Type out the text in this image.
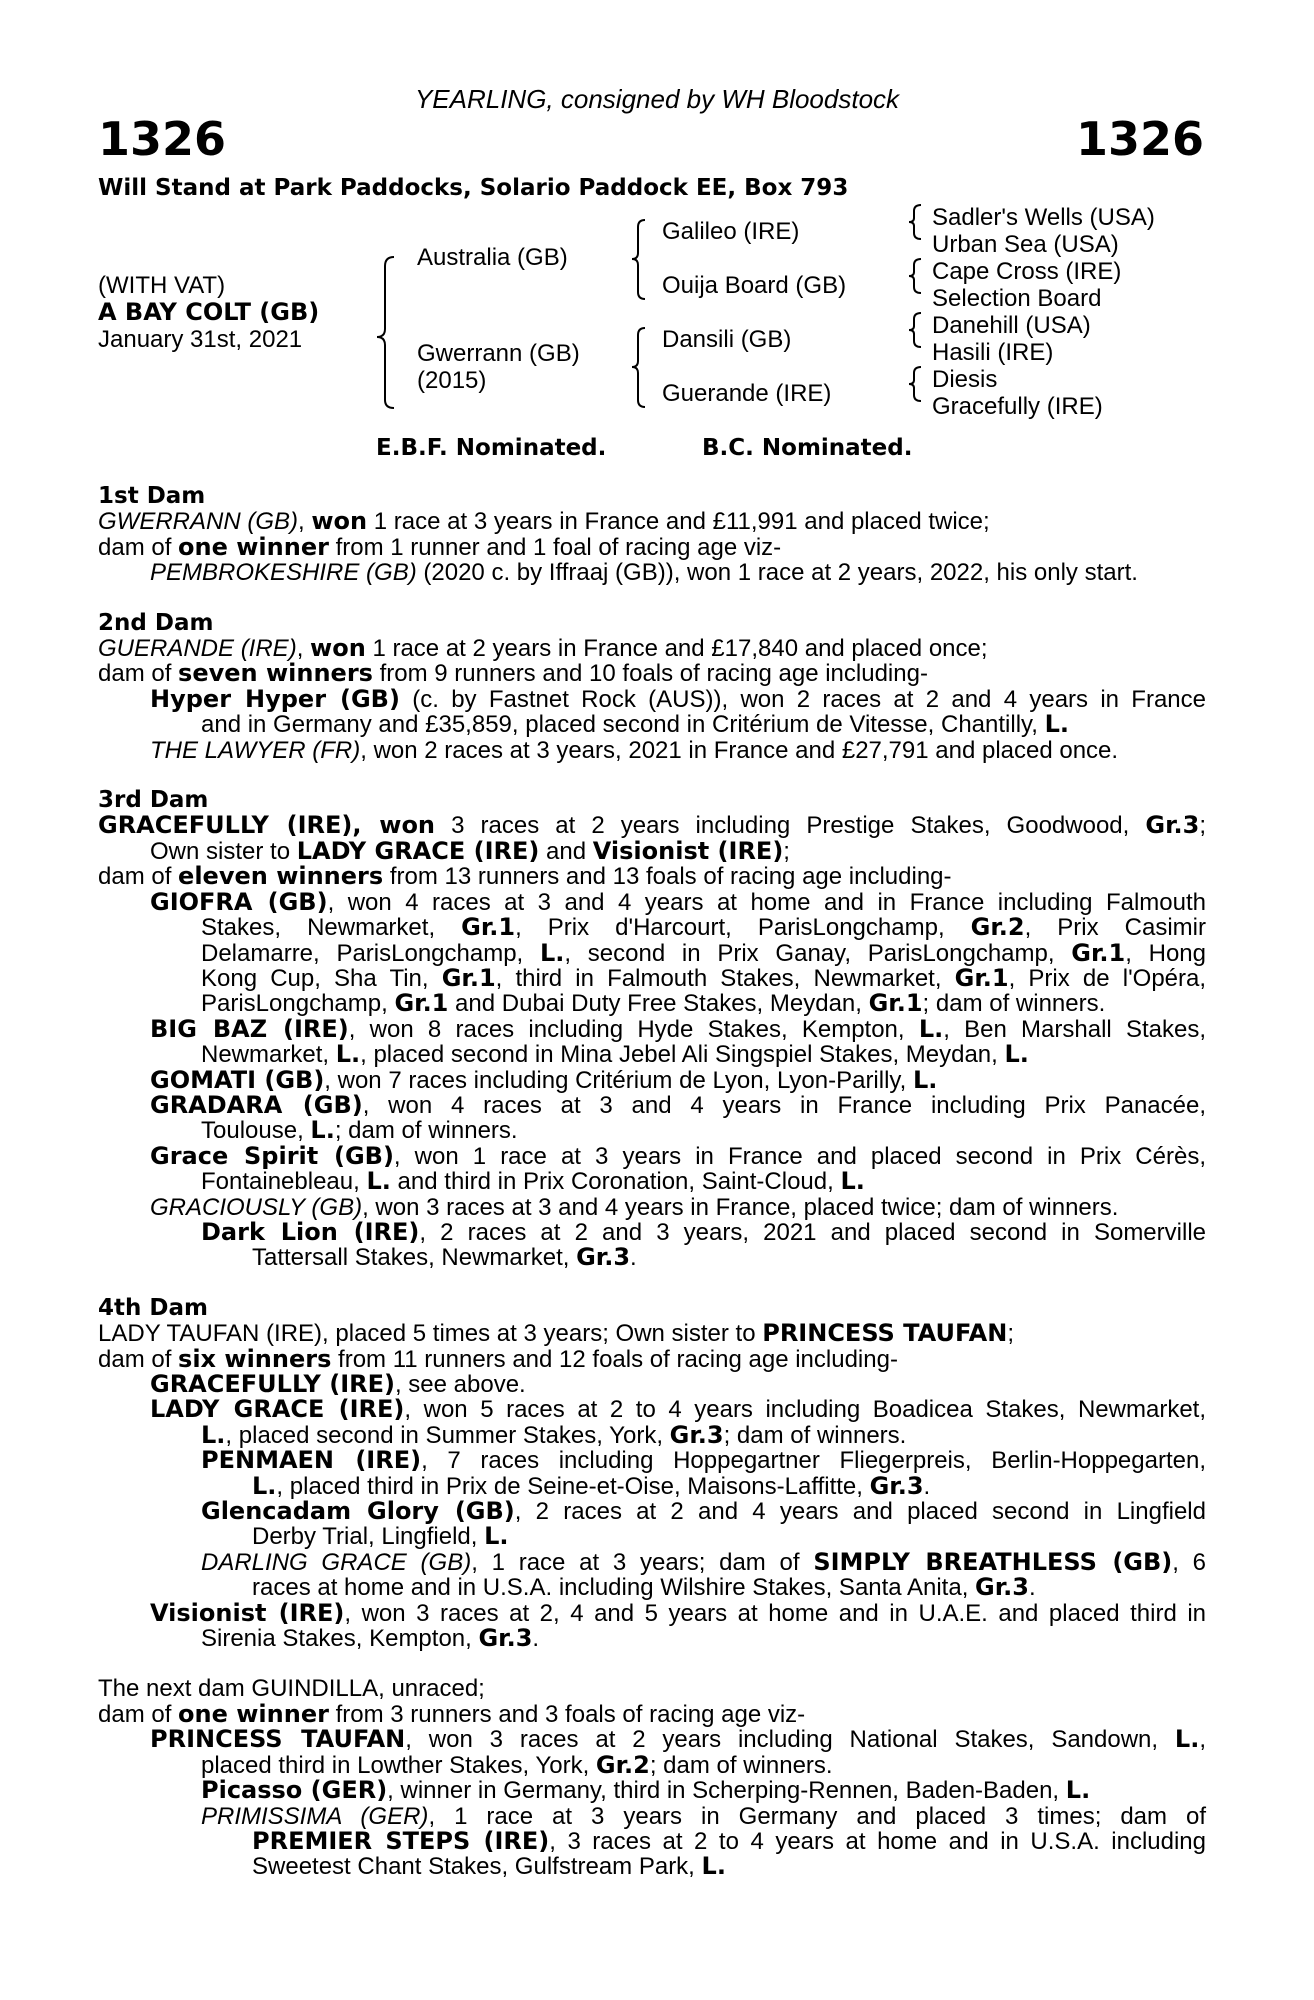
YEARLING, consigned by WH Bloodstock
1326	1326
Will Stand at Park Paddocks, Solario Paddock EE, Box 793
(WITH VAT)
A BAY COLT (GB)
January 31st, 2021
Australia (GB)
Gwerrann (GB)
(2015)
Galileo (IRE)
Ouija Board (GB)
Dansili (GB)
Guerande (IRE)
Sadler's Wells (USA)
Urban Sea (USA)
Cape Cross (IRE)
Selection Board
Danehill (USA)
Hasili (IRE)
Diesis
Gracefully (IRE)
E.B.F. Nominated.	B.C. Nominated.
1st Dam
GWERRANN (GB), won 1 race at 3 years in France and £11,991 and placed twice;
dam of one winner from 1 runner and 1 foal of racing age viz-
PEMBROKESHIRE (GB) (2020 c. by Iffraaj (GB)), won 1 race at 2 years, 2022, his only start.
2nd Dam
GUERANDE (IRE), won 1 race at 2 years in France and £17,840 and placed once;
dam of seven winners from 9 runners and 10 foals of racing age including-
Hyper Hyper (GB) (c. by Fastnet Rock (AUS)), won 2 races at 2 and 4 years in France
and in Germany and £35,859, placed second in Critérium de Vitesse, Chantilly, L.
THE LAWYER (FR), won 2 races at 3 years, 2021 in France and £27,791 and placed once.
3rd Dam
GRACEFULLY (IRE), won 3 races at 2 years including Prestige Stakes, Goodwood, Gr.3;
Own sister to LADY GRACE (IRE) and Visionist (IRE);
dam of eleven winners from 13 runners and 13 foals of racing age including-
GIOFRA (GB), won 4 races at 3 and 4 years at home and in France including Falmouth
Stakes, Newmarket, Gr.1, Prix d'Harcourt, ParisLongchamp, Gr.2, Prix Casimir
Delamarre, ParisLongchamp, L., second in Prix Ganay, ParisLongchamp, Gr.1, Hong
Kong Cup, Sha Tin, Gr.1, third in Falmouth Stakes, Newmarket, Gr.1, Prix de l'Opéra,
ParisLongchamp, Gr.1 and Dubai Duty Free Stakes, Meydan, Gr.1; dam of winners.
BIG BAZ (IRE), won 8 races including Hyde Stakes, Kempton, L., Ben Marshall Stakes,
Newmarket, L., placed second in Mina Jebel Ali Singspiel Stakes, Meydan, L.
GOMATI (GB), won 7 races including Critérium de Lyon, Lyon-Parilly, L.
GRADARA (GB), won 4 races at 3 and 4 years in France including Prix Panacée,
Toulouse, L.; dam of winners.
Grace Spirit (GB), won 1 race at 3 years in France and placed second in Prix Cérès,
Fontainebleau, L. and third in Prix Coronation, Saint-Cloud, L.
GRACIOUSLY (GB), won 3 races at 3 and 4 years in France, placed twice; dam of winners.
Dark Lion (IRE), 2 races at 2 and 3 years, 2021 and placed second in Somerville
Tattersall Stakes, Newmarket, Gr.3.
4th Dam
LADY TAUFAN (IRE), placed 5 times at 3 years; Own sister to PRINCESS TAUFAN;
dam of six winners from 11 runners and 12 foals of racing age including-
GRACEFULLY (IRE), see above.
LADY GRACE (IRE), won 5 races at 2 to 4 years including Boadicea Stakes, Newmarket,
L., placed second in Summer Stakes, York, Gr.3; dam of winners.
PENMAEN (IRE), 7 races including Hoppegartner Fliegerpreis, Berlin-Hoppegarten,
L., placed third in Prix de Seine-et-Oise, Maisons-Laffitte, Gr.3.
Glencadam Glory (GB), 2 races at 2 and 4 years and placed second in Lingfield
Derby Trial, Lingfield, L.
DARLING GRACE (GB), 1 race at 3 years; dam of SIMPLY BREATHLESS (GB), 6
races at home and in U.S.A. including Wilshire Stakes, Santa Anita, Gr.3.
Visionist (IRE), won 3 races at 2, 4 and 5 years at home and in U.A.E. and placed third in
Sirenia Stakes, Kempton, Gr.3.
The next dam GUINDILLA, unraced;
dam of one winner from 3 runners and 3 foals of racing age viz-
PRINCESS TAUFAN, won 3 races at 2 years including National Stakes, Sandown, L.,
placed third in Lowther Stakes, York, Gr.2; dam of winners.
Picasso (GER), winner in Germany, third in Scherping-Rennen, Baden-Baden, L.
PRIMISSIMA (GER), 1 race at 3 years in Germany and placed 3 times; dam of
PREMIER STEPS (IRE), 3 races at 2 to 4 years at home and in U.S.A. including
Sweetest Chant Stakes, Gulfstream Park, L.
